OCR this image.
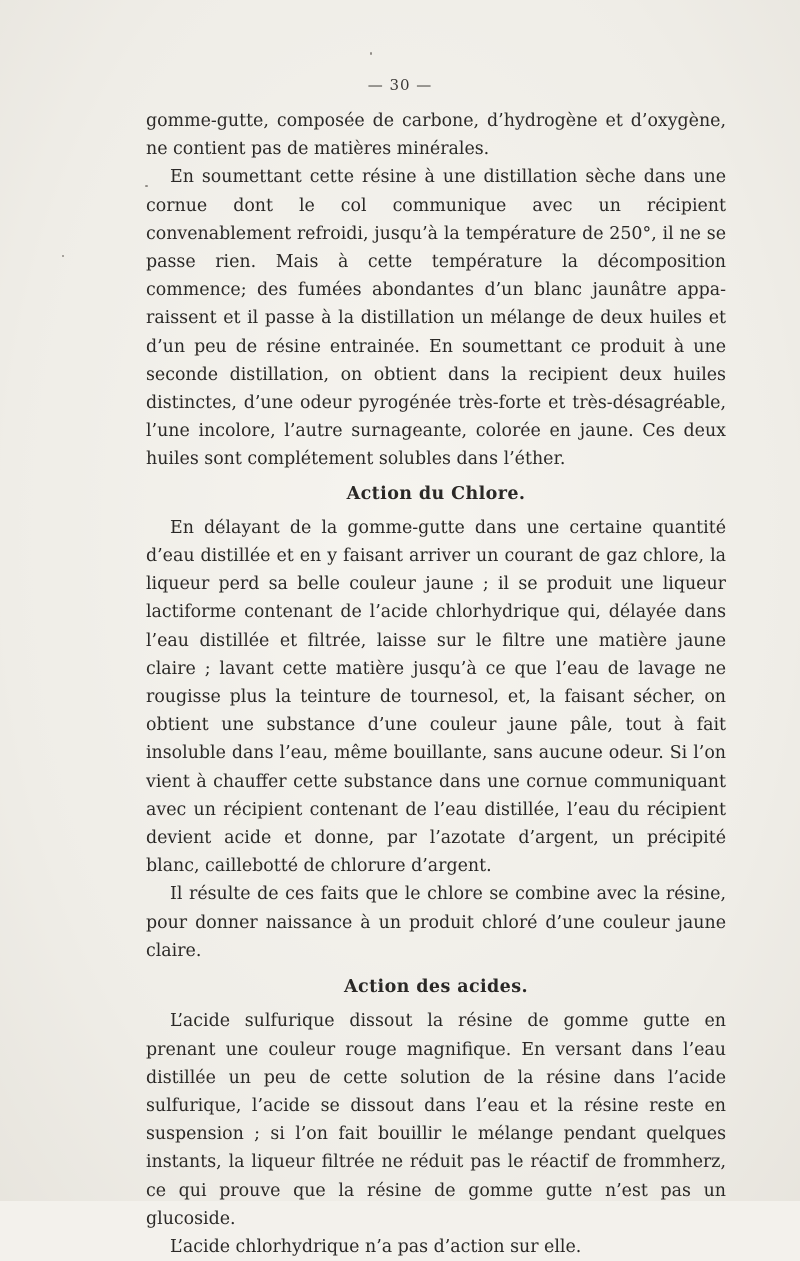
— 30 —

gomme-gutte, composée de carbone, d’hydrogène et d’oxygène, ne contient pas de matières minérales.

En soumettant cette résine à une distillation sèche dans une cornue dont le col communique avec un récipient convenablement refroidi, jusqu’à la température de 250°, il ne se passe rien. Mais à cette température la décomposition commence; des fumées abondantes d’un blanc jaunâtre apparaissent et il passe à la distillation un mélange de deux huiles et d’un peu de résine entrainée. En soumettant ce produit à une seconde distillation, on obtient dans la recipient deux huiles distinctes, d’une odeur pyrogénée très-forte et très-désagréable, l’une incolore, l’autre surnageante, colorée en jaune. Ces deux huiles sont complétement solubles dans l’éther.

Action du Chlore.

En délayant de la gomme-gutte dans une certaine quantité d’eau distillée et en y faisant arriver un courant de gaz chlore, la liqueur perd sa belle couleur jaune ; il se produit une liqueur lactiforme contenant de l’acide chlorhydrique qui, délayée dans l’eau distillée et filtrée, laisse sur le filtre une matière jaune claire ; lavant cette matière jusqu’à ce que l’eau de lavage ne rougisse plus la teinture de tournesol, et, la faisant sécher, on obtient une substance d’une couleur jaune pâle, tout à fait insoluble dans l’eau, même bouillante, sans aucune odeur. Si l’on vient à chauffer cette substance dans une cornue communiquant avec un récipient contenant de l’eau distillée, l’eau du récipient devient acide et donne, par l’azotate d’argent, un précipité blanc, caillebotté de chlorure d’argent.

Il résulte de ces faits que le chlore se combine avec la résine, pour donner naissance à un produit chloré d’une couleur jaune claire.

Action des acides.

L’acide sulfurique dissout la résine de gomme gutte en prenant une couleur rouge magnifique. En versant dans l’eau distillée un peu de cette solution de la résine dans l’acide sulfurique, l’acide se dissout dans l’eau et la résine reste en suspension ; si l’on fait bouillir le mélange pendant quelques instants, la liqueur filtrée ne réduit pas le réactif de frommherz, ce qui prouve que la résine de gomme gutte n’est pas un glucoside.

L’acide chlorhydrique n’a pas d’action sur elle.
